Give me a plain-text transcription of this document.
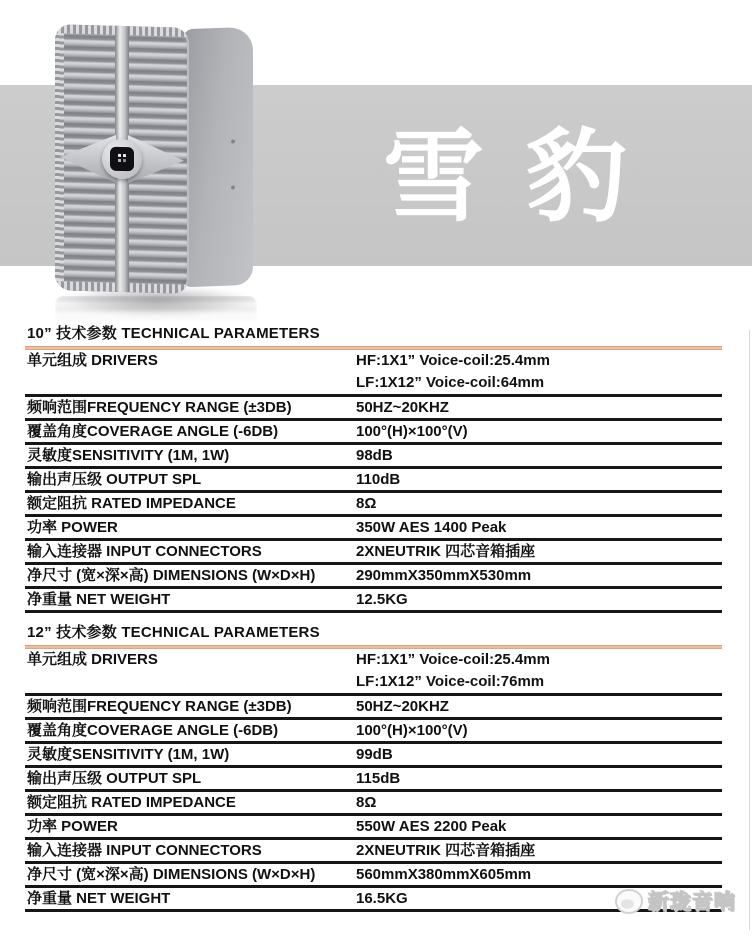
雪豹
10” 技术参数 TECHNICAL PARAMETERS
单元组成 DRIVERS	HF:1X1” Voice-coil:25.4mm
LF:1X12” Voice-coil:64mm
频响范围FREQUENCY RANGE (±3DB)	50HZ~20KHZ
覆盖角度COVERAGE ANGLE (-6DB)	100°(H)×100°(V)
灵敏度SENSITIVITY (1M, 1W)	98dB
输出声压级 OUTPUT SPL	110dB
额定阻抗 RATED IMPEDANCE	8Ω
功率 POWER	350W AES 1400 Peak
输入连接器 INPUT CONNECTORS	2XNEUTRIK 四芯音箱插座
净尺寸 (宽×深×高) DIMENSIONS (W×D×H)	290mmX350mmX530mm
净重量 NET WEIGHT	12.5KG
12” 技术参数 TECHNICAL PARAMETERS
单元组成 DRIVERS	HF:1X1” Voice-coil:25.4mm
LF:1X12” Voice-coil:76mm
频响范围FREQUENCY RANGE (±3DB)	50HZ~20KHZ
覆盖角度COVERAGE ANGLE (-6DB)	100°(H)×100°(V)
灵敏度SENSITIVITY (1M, 1W)	99dB
输出声压级 OUTPUT SPL	115dB
额定阻抗 RATED IMPEDANCE	8Ω
功率 POWER	550W AES 2200 Peak
输入连接器 INPUT CONNECTORS	2XNEUTRIK 四芯音箱插座
净尺寸 (宽×深×高) DIMENSIONS (W×D×H)	560mmX380mmX605mm
净重量 NET WEIGHT	16.5KG	新珑音响
